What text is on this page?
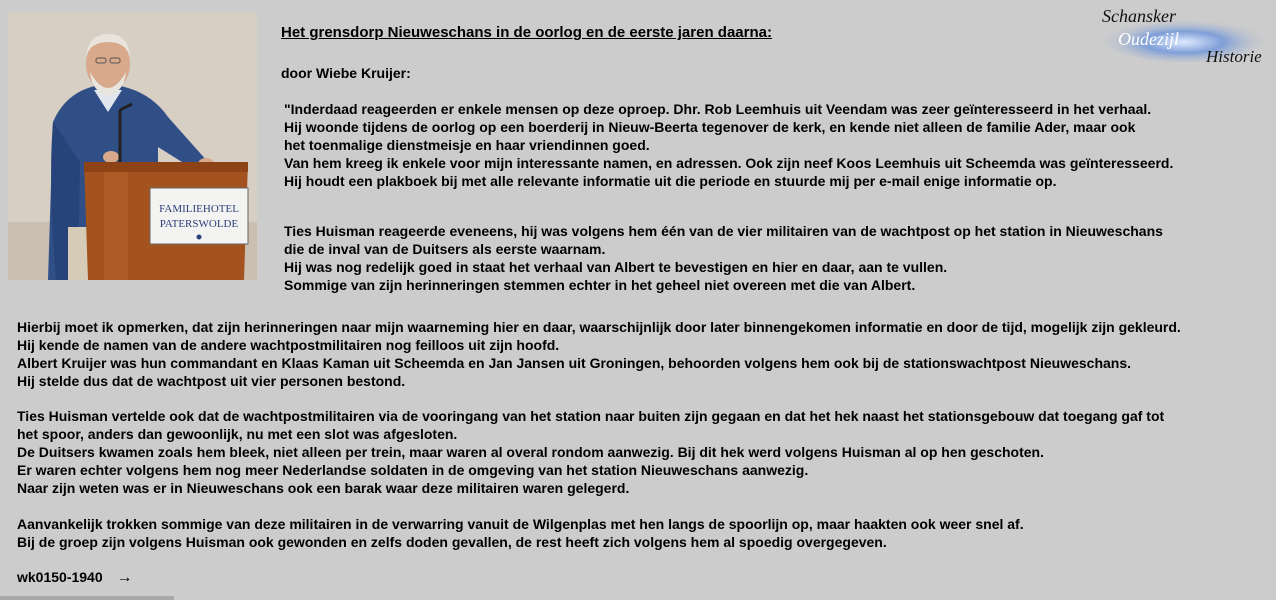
FAMILIEHOTEL
PATERSWOLDE
Schansker
Oudezijl
Historie
Het grensdorp Nieuweschans in de oorlog en de eerste jaren daarna:
door Wiebe Kruijer:
"Inderdaad reageerden er enkele mensen op deze oproep. Dhr. Rob Leemhuis uit Veendam was zeer geïnteresseerd in het verhaal.
Hij woonde tijdens de oorlog op een boerderij in Nieuw-Beerta tegenover de kerk, en kende niet alleen de familie Ader, maar ook
het toenmalige dienstmeisje en haar vriendinnen goed.
Van hem kreeg ik enkele voor mijn interessante namen, en adressen. Ook zijn neef Koos Leemhuis uit Scheemda was geïnteresseerd.
Hij houdt een plakboek bij met alle relevante informatie uit die periode en stuurde mij per e-mail enige informatie op.
Ties Huisman reageerde eveneens, hij was volgens hem één van de vier militairen van de wachtpost op het station in Nieuweschans
die de inval van de Duitsers als eerste waarnam.
Hij was nog redelijk goed in staat het verhaal van Albert te bevestigen en hier en daar, aan te vullen.
Sommige van zijn herinneringen stemmen echter in het geheel niet overeen met die van Albert.
Hierbij moet ik opmerken, dat zijn herinneringen naar mijn waarneming hier en daar, waarschijnlijk door later binnengekomen informatie en door de tijd, mogelijk zijn gekleurd.
Hij kende de namen van de andere wachtpostmilitairen nog feilloos uit zijn hoofd.
Albert Kruijer was hun commandant en Klaas Kaman uit Scheemda en Jan Jansen uit Groningen, behoorden volgens hem ook bij de stationswachtpost Nieuweschans.
Hij stelde dus dat de wachtpost uit vier personen bestond.
Ties Huisman vertelde ook dat de wachtpostmilitairen via de vooringang van het station naar buiten zijn gegaan en dat het hek naast het stationsgebouw dat toegang gaf tot
het spoor, anders dan gewoonlijk, nu met een slot was afgesloten.
De Duitsers kwamen zoals hem bleek, niet alleen per trein, maar waren al overal rondom aanwezig. Bij dit hek werd volgens Huisman al op hen geschoten.
Er waren echter volgens hem nog meer Nederlandse soldaten in de omgeving van het station Nieuweschans aanwezig.
Naar zijn weten was er in Nieuweschans ook een barak waar deze militairen waren gelegerd.
Aanvankelijk trokken sommige van deze militairen in de verwarring vanuit de Wilgenplas met hen langs de spoorlijn op, maar haakten ook weer snel af.
Bij de groep zijn volgens Huisman ook gewonden en zelfs doden gevallen, de rest heeft zich volgens hem al spoedig overgegeven.
wk0150-1940 →
